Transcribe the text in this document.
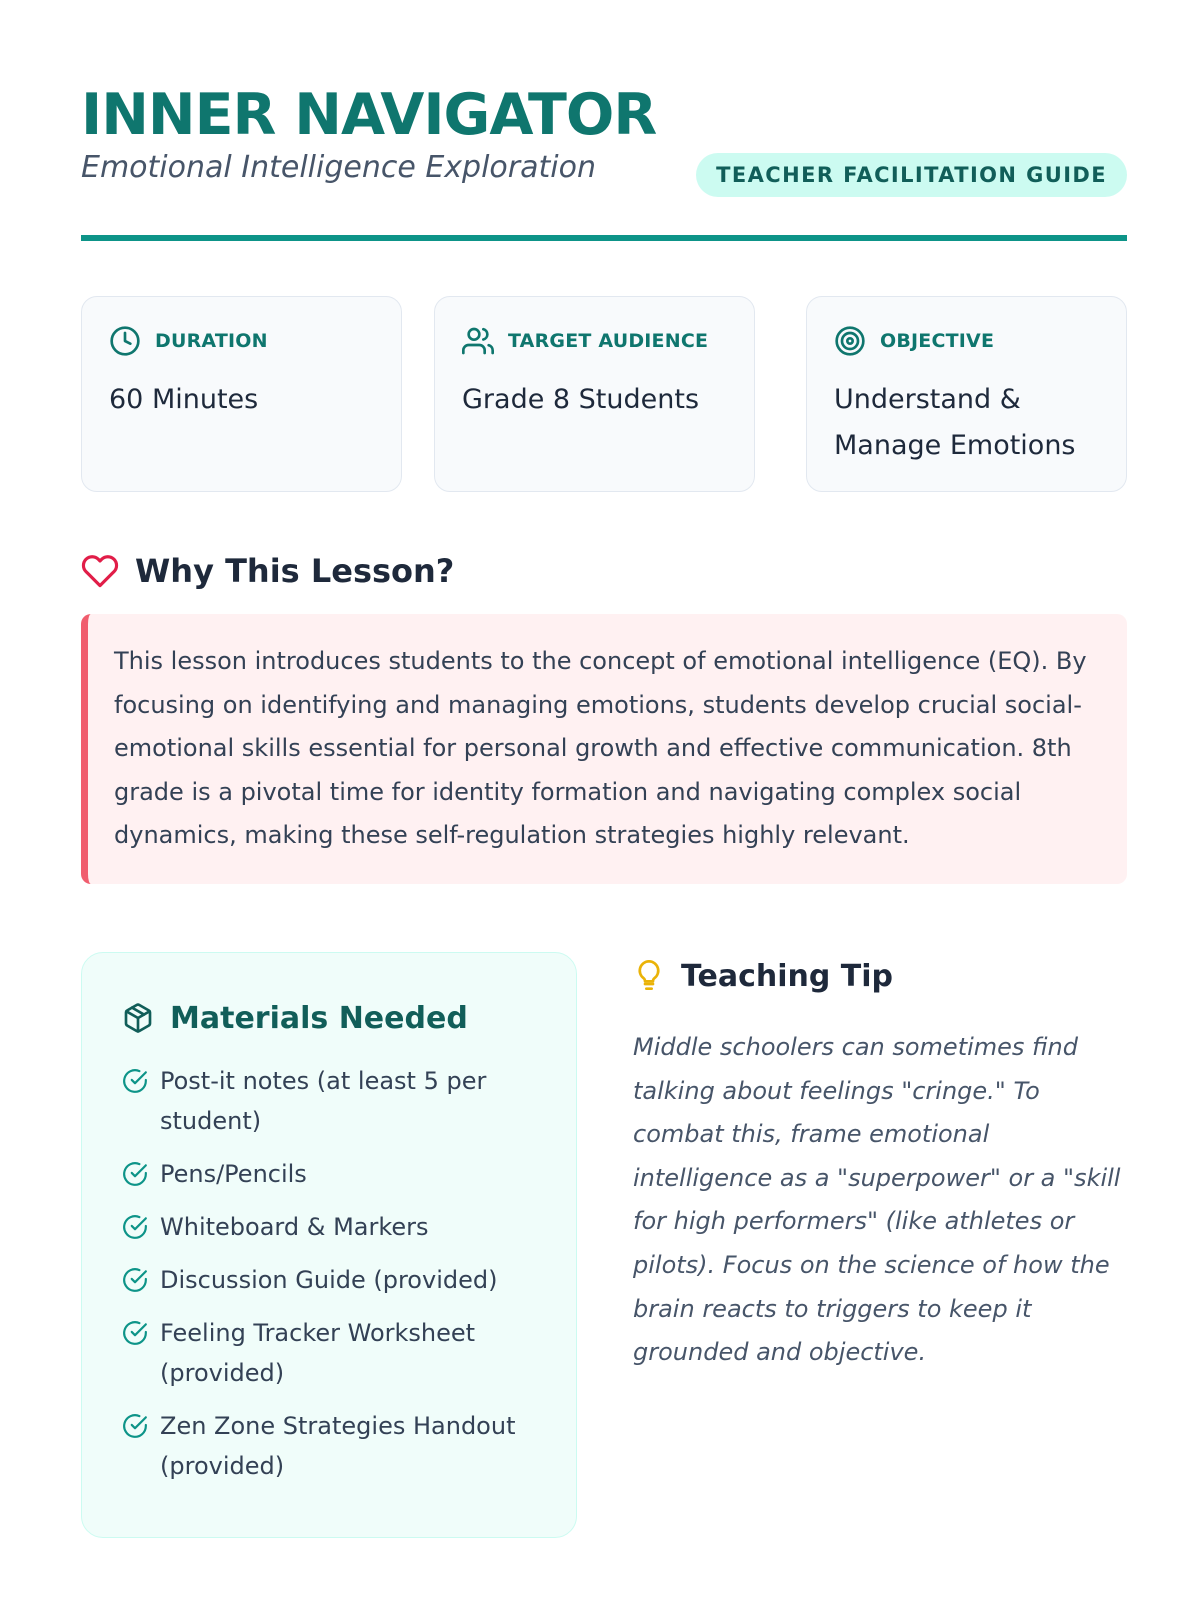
INNER NAVIGATOR
Emotional Intelligence Exploration	TEACHER FACILITATION GUIDE
DURATION
60 Minutes
TARGET AUDIENCE
Grade 8 Students
OBJECTIVE
Understand & Manage Emotions
Why This Lesson?

This lesson introduces students to the concept of emotional intelligence (EQ). By focusing on identifying and managing emotions, students develop crucial social-emotional skills essential for personal growth and effective communication. 8th grade is a pivotal time for identity formation and navigating complex social dynamics, making these self-regulation strategies highly relevant.

Materials Needed
Post-it notes (at least 5 per student)
Pens/Pencils
Whiteboard & Markers
Discussion Guide (provided)
Feeling Tracker Worksheet (provided)
Zen Zone Strategies Handout (provided)
Teaching Tip
Middle schoolers can sometimes find talking about feelings "cringe." To combat this, frame emotional intelligence as a "superpower" or a "skill for high performers" (like athletes or pilots). Focus on the science of how the brain reacts to triggers to keep it grounded and objective.
